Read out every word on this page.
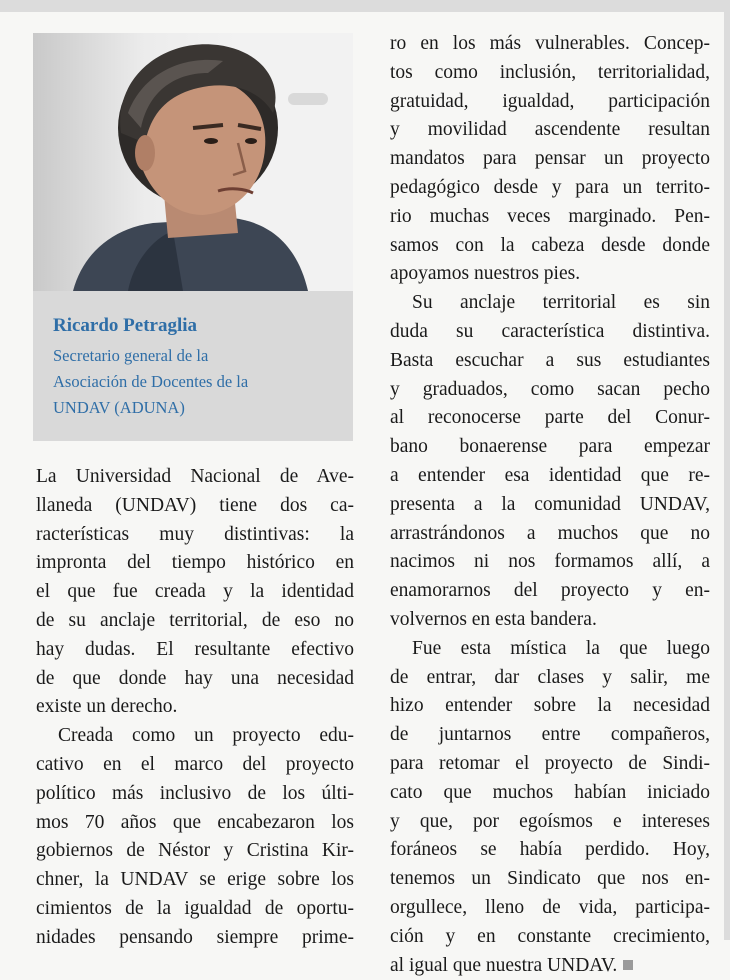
Ricardo Petraglia
Secretario general de la
Asociación de Docentes de la
UNDAV (ADUNA)
La Universidad Nacional de Ave-
llaneda (UNDAV) tiene dos ca-
racterísticas muy distintivas: la
impronta del tiempo histórico en
el que fue creada y la identidad
de su anclaje territorial, de eso no
hay dudas. El resultante efectivo
de que donde hay una necesidad
existe un derecho.
Creada como un proyecto edu-
cativo en el marco del proyecto
político más inclusivo de los últi-
mos 70 años que encabezaron los
gobiernos de Néstor y Cristina Kir-
chner, la UNDAV se erige sobre los
cimientos de la igualdad de oportu-
nidades pensando siempre prime-
ro en los más vulnerables. Concep-
tos como inclusión, territorialidad,
gratuidad, igualdad, participación
y movilidad ascendente resultan
mandatos para pensar un proyecto
pedagógico desde y para un territo-
rio muchas veces marginado. Pen-
samos con la cabeza desde donde
apoyamos nuestros pies.
Su anclaje territorial es sin
duda su característica distintiva.
Basta escuchar a sus estudiantes
y graduados, como sacan pecho
al reconocerse parte del Conur-
bano bonaerense para empezar
a entender esa identidad que re-
presenta a la comunidad UNDAV,
arrastrándonos a muchos que no
nacimos ni nos formamos allí, a
enamorarnos del proyecto y en-
volvernos en esta bandera.
Fue esta mística la que luego
de entrar, dar clases y salir, me
hizo entender sobre la necesidad
de juntarnos entre compañeros,
para retomar el proyecto de Sindi-
cato que muchos habían iniciado
y que, por egoísmos e intereses
foráneos se había perdido. Hoy,
tenemos un Sindicato que nos en-
orgullece, lleno de vida, participa-
ción y en constante crecimiento,
al igual que nuestra UNDAV.
